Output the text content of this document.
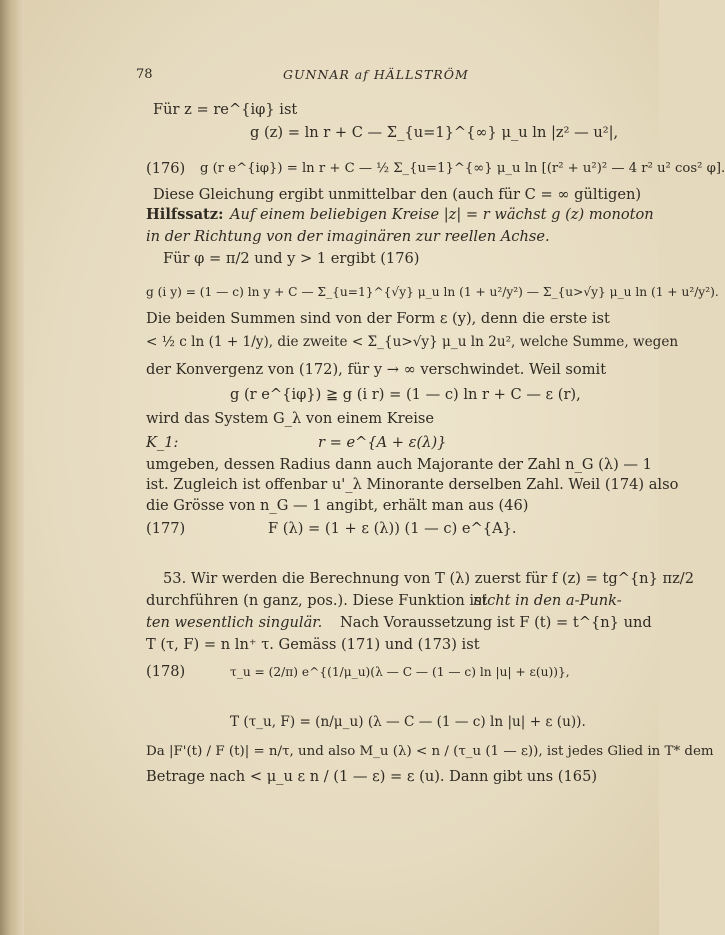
78	GUNNAR af HÄLLSTRÖM
Für z = re^{iφ} ist
g (z) = ln r + C — Σ_{u=1}^{∞} μ_u ln |z² — u²|,
(176) g (r e^{iφ}) = ln r + C — ½ Σ_{u=1}^{∞} μ_u ln [(r² + u²)² — 4 r² u² cos² φ].
Diese Gleichung ergibt unmittelbar den (auch für C = ∞ gültigen)
Hilfssatz: Auf einem beliebigen Kreise |z| = r wächst g (z) monoton
in der Richtung von der imaginären zur reellen Achse.
Für φ = π/2 und y > 1 ergibt (176)
g (i y) = (1 — c) ln y + C — Σ_{u=1}^{√y} μ_u ln (1 + u²/y²) — Σ_{u>√y} μ_u ln (1 + u²/y²).
Die beiden Summen sind von der Form ε (y), denn die erste ist
< ½ c ln (1 + 1/y), die zweite < Σ_{u>√y} μ_u ln 2u², welche Summe, wegen
der Konvergenz von (172), für y → ∞ verschwindet. Weil somit
g (r e^{iφ}) ≧ g (i r) = (1 — c) ln r + C — ε (r),
wird das System G_λ von einem Kreise
K_1:	r = e^{A + ε(λ)}
umgeben, dessen Radius dann auch Majorante der Zahl n_G (λ) — 1
ist. Zugleich ist offenbar u'_λ Minorante derselben Zahl. Weil (174) also
die Grösse von n_G — 1 angibt, erhält man aus (46)
(177)	F (λ) = (1 + ε (λ)) (1 — c) e^{A}.
53. Wir werden die Berechnung von T (λ) zuerst für f (z) = tg^{n} πz/2
durchführen (n ganz, pos.). Diese Funktion ist
nicht in den a-Punk-
ten wesentlich singulär. Nach Voraussetzung ist F (t) = t^{n} und
T (τ, F) = n ln⁺ τ. Gemäss (171) und (173) ist
(178)	τ_u = (2/π) e^{(1/μ_u)(λ — C — (1 — c) ln |u| + ε(u))},
T (τ_u, F) = (n/μ_u) (λ — C — (1 — c) ln |u| + ε (u)).
Da |F'(t) / F (t)| = n/τ, und also M_u (λ) < n / (τ_u (1 — ε)), ist jedes Glied in T* dem
Betrage nach < μ_u ε n / (1 — ε) = ε (u). Dann gibt uns (165)
